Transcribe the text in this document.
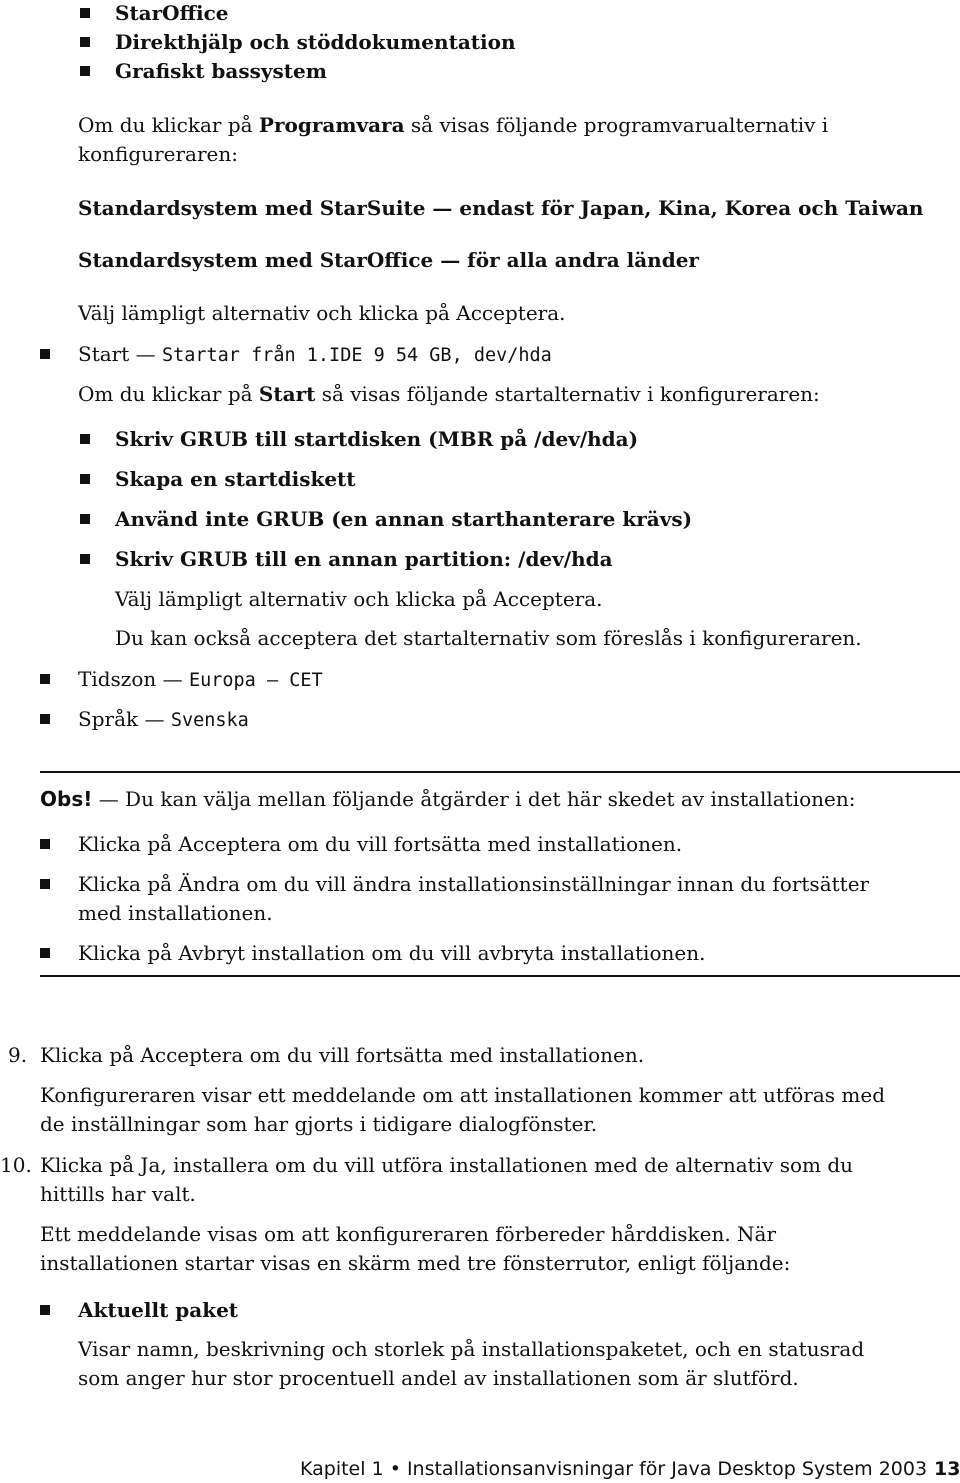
StarOffice
Direkthjälp och stöddokumentation
Grafiskt bassystem
Om du klickar på Programvara så visas följande programvarualternativ i
konfigureraren:
Standardsystem med StarSuite — endast för Japan, Kina, Korea och Taiwan
Standardsystem med StarOffice — för alla andra länder
Välj lämpligt alternativ och klicka på Acceptera.
Start — Startar från 1.IDE 9 54 GB, dev/hda
Om du klickar på Start så visas följande startalternativ i konfigureraren:
Skriv GRUB till startdisken (MBR på /dev/hda)
Skapa en startdiskett
Använd inte GRUB (en annan starthanterare krävs)
Skriv GRUB till en annan partition: /dev/hda
Välj lämpligt alternativ och klicka på Acceptera.
Du kan också acceptera det startalternativ som föreslås i konfigureraren.
Tidszon — Europa – CET
Språk — Svenska
Obs! — Du kan välja mellan följande åtgärder i det här skedet av installationen:
Klicka på Acceptera om du vill fortsätta med installationen.
Klicka på Ändra om du vill ändra installationsinställningar innan du fortsätter
med installationen.
Klicka på Avbryt installation om du vill avbryta installationen.
9. Klicka på Acceptera om du vill fortsätta med installationen.
Konfigureraren visar ett meddelande om att installationen kommer att utföras med
de inställningar som har gjorts i tidigare dialogfönster.
10. Klicka på Ja, installera om du vill utföra installationen med de alternativ som du
hittills har valt.
Ett meddelande visas om att konfigureraren förbereder hårddisken. När
installationen startar visas en skärm med tre fönsterrutor, enligt följande:
Aktuellt paket
Visar namn, beskrivning och storlek på installationspaketet, och en statusrad
som anger hur stor procentuell andel av installationen som är slutförd.
Kapitel 1 • Installationsanvisningar för Java Desktop System 2003 13
